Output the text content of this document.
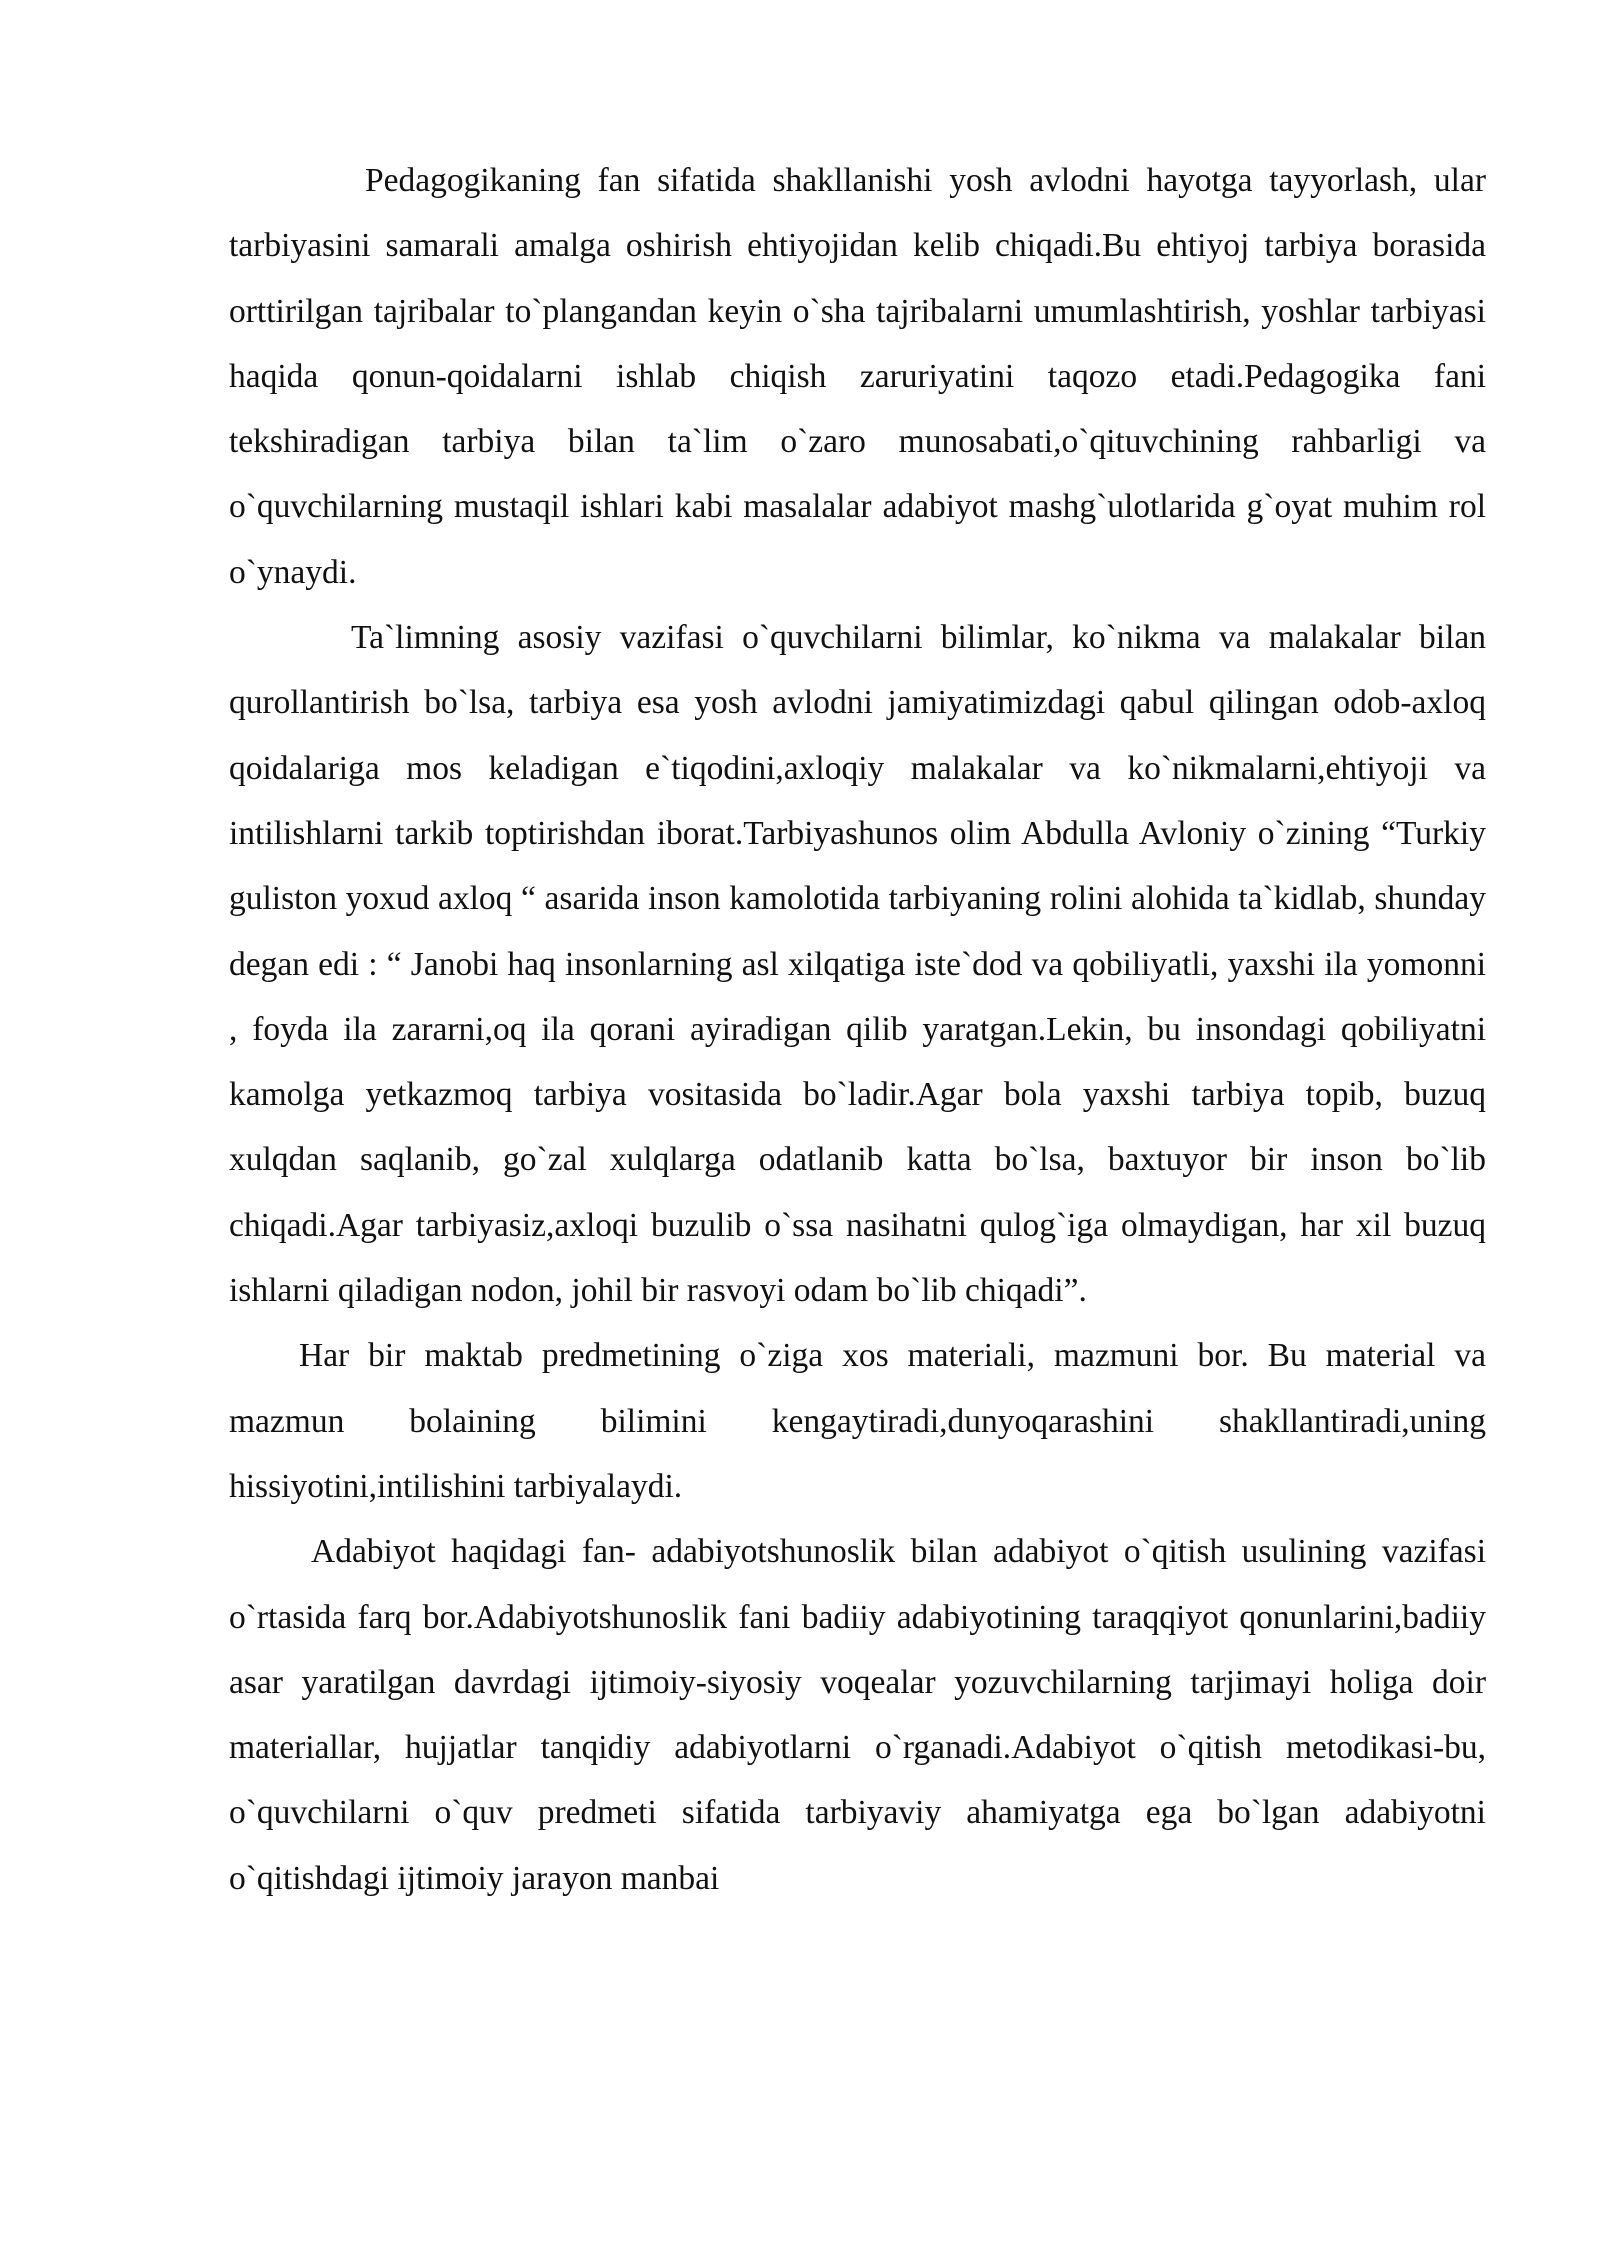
Pedagogikaning fan sifatida shakllanishi yosh avlodni hayotga tayyorlash, ular tarbiyasini samarali amalga oshirish ehtiyojidan kelib chiqadi.Bu ehtiyoj tarbiya borasida orttirilgan tajribalar to`plangandan keyin o`sha tajribalarni umumlashtirish, yoshlar tarbiyasi haqida qonun-qoidalarni ishlab chiqish zaruriyatini taqozo etadi.Pedagogika fani tekshiradigan tarbiya bilan ta`lim o`zaro munosabati,o`qituvchining rahbarligi va o`quvchilarning mustaqil ishlari kabi masalalar adabiyot mashg`ulotlarida g`oyat muhim rol o`ynaydi.

Ta`limning asosiy vazifasi o`quvchilarni bilimlar, ko`nikma va malakalar bilan qurollantirish bo`lsa, tarbiya esa yosh avlodni jamiyatimizdagi qabul qilingan odob-axloq qoidalariga mos keladigan e`tiqodini,axloqiy malakalar va ko`nikmalarni,ehtiyoji va intilishlarni tarkib toptirishdan iborat.Tarbiyashunos olim Abdulla Avloniy o`zining “Turkiy guliston yoxud axloq “ asarida inson kamolotida tarbiyaning rolini alohida ta`kidlab, shunday degan edi : “ Janobi haq insonlarning asl xilqatiga iste`dod va qobiliyatli, yaxshi ila yomonni , foyda ila zararni,oq ila qorani ayiradigan qilib yaratgan.Lekin, bu insondagi qobiliyatni kamolga yetkazmoq tarbiya vositasida bo`ladir.Agar bola yaxshi tarbiya topib, buzuq xulqdan saqlanib, go`zal xulqlarga odatlanib katta bo`lsa, baxtuyor bir inson bo`lib chiqadi.Agar tarbiyasiz,axloqi buzulib o`ssa nasihatni qulog`iga olmaydigan, har xil buzuq ishlarni qiladigan nodon, johil bir rasvoyi odam bo`lib chiqadi”.

Har bir maktab predmetining o`ziga xos materiali, mazmuni bor. Bu material va mazmun bolaining bilimini kengaytiradi,dunyoqarashini shakllantiradi,uning hissiyotini,intilishini tarbiyalaydi.

Adabiyot haqidagi fan- adabiyotshunoslik bilan adabiyot o`qitish usulining vazifasi o`rtasida farq bor.Adabiyotshunoslik fani badiiy adabiyotining taraqqiyot qonunlarini,badiiy asar yaratilgan davrdagi ijtimoiy-siyosiy voqealar yozuvchilarning tarjimayi holiga doir materiallar, hujjatlar tanqidiy adabiyotlarni o`rganadi.Adabiyot o`qitish metodikasi-bu, o`quvchilarni o`quv predmeti sifatida tarbiyaviy ahamiyatga ega bo`lgan adabiyotni o`qitishdagi ijtimoiy jarayon manbai
